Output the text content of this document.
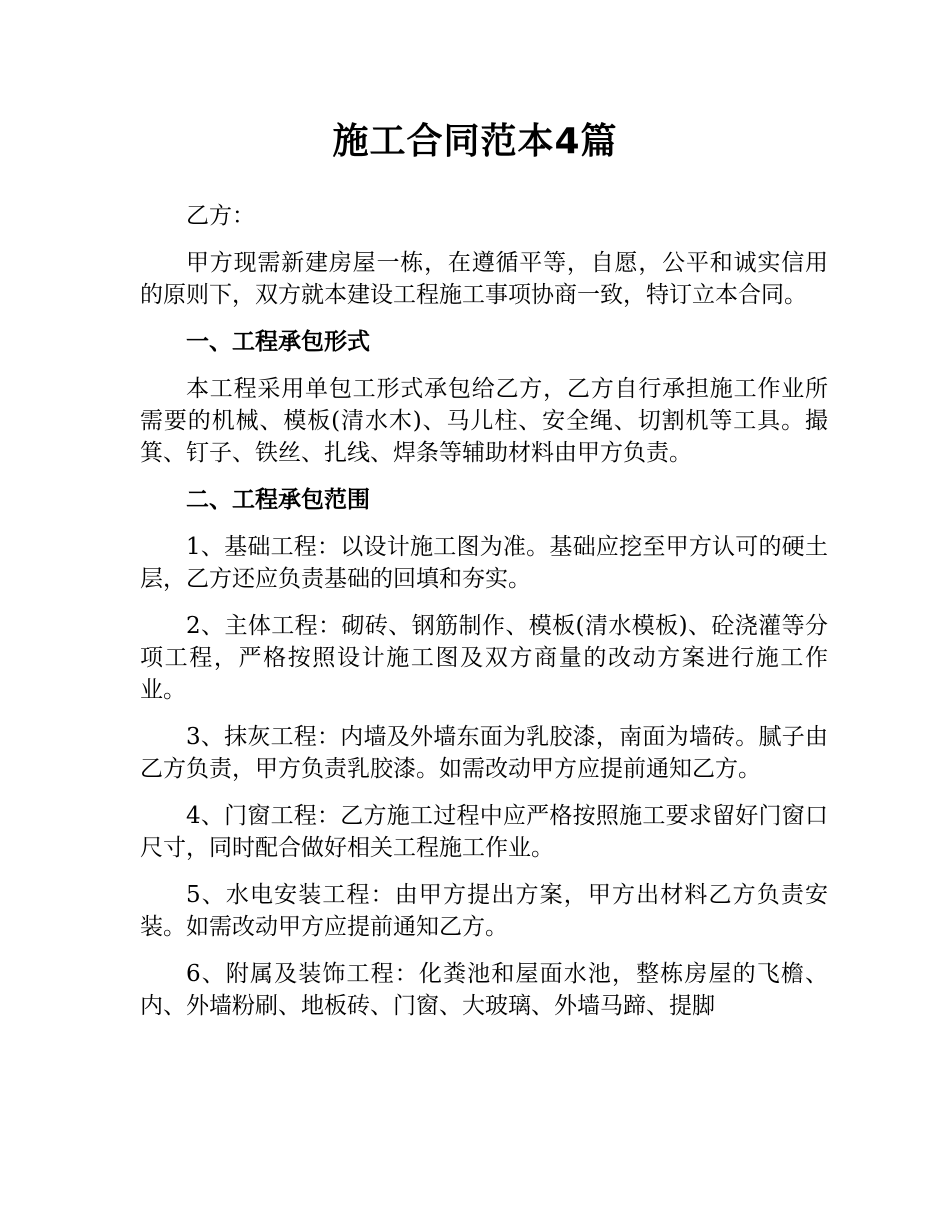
施工合同范本4篇

乙方：

甲方现需新建房屋一栋，在遵循平等，自愿，公平和诚实信用的原则下，双方就本建设工程施工事项协商一致，特订立本合同。

一、工程承包形式

本工程采用单包工形式承包给乙方，乙方自行承担施工作业所需要的机械、模板(清水木)、马儿柱、安全绳、切割机等工具。撮箕、钉子、铁丝、扎线、焊条等辅助材料由甲方负责。

二、工程承包范围

1、基础工程：以设计施工图为准。基础应挖至甲方认可的硬土层，乙方还应负责基础的回填和夯实。

2、主体工程：砌砖、钢筋制作、模板(清水模板)、砼浇灌等分项工程，严格按照设计施工图及双方商量的改动方案进行施工作业。

3、抹灰工程：内墙及外墙东面为乳胶漆，南面为墙砖。腻子由乙方负责，甲方负责乳胶漆。如需改动甲方应提前通知乙方。

4、门窗工程：乙方施工过程中应严格按照施工要求留好门窗口尺寸，同时配合做好相关工程施工作业。

5、水电安装工程：由甲方提出方案，甲方出材料乙方负责安装。如需改动甲方应提前通知乙方。

6、附属及装饰工程：化粪池和屋面水池，整栋房屋的飞檐、内、外墙粉刷、地板砖、门窗、大玻璃、外墙马蹄、提脚
